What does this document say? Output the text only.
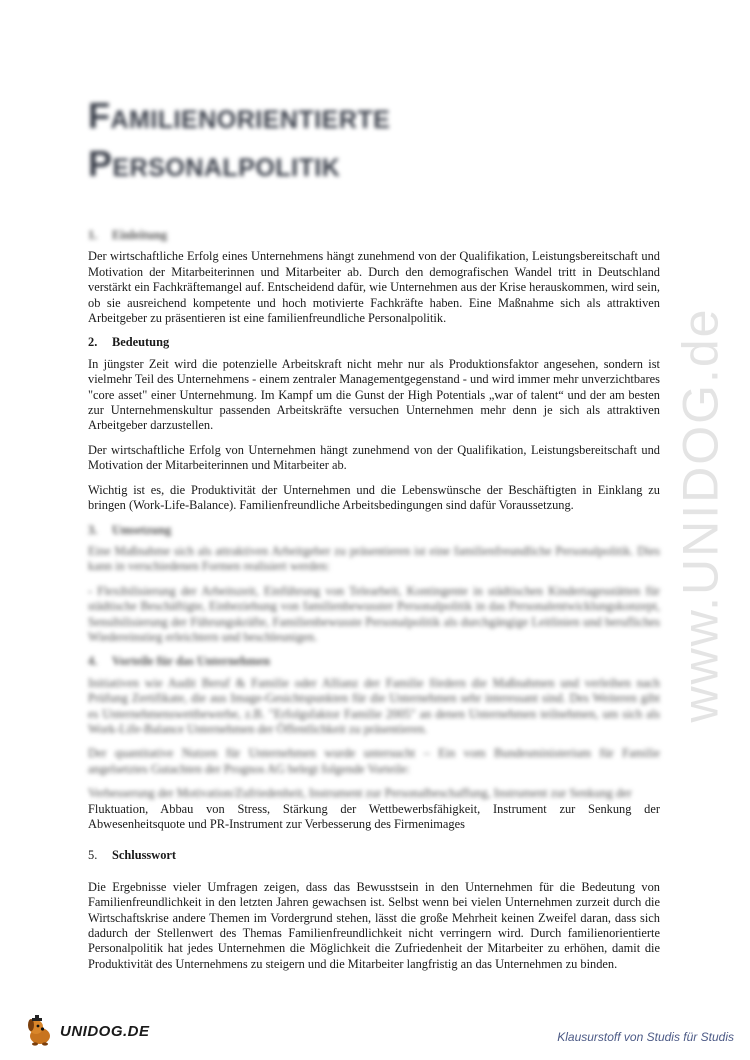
www.UNIDOG.de
Familienorientierte
Personalpolitik
1. Einleitung

Der wirtschaftliche Erfolg eines Unternehmens hängt zunehmend von der Qualifikation, Leistungsbereitschaft und Motivation der Mitarbeiterinnen und Mitarbeiter ab. Durch den demografischen Wandel tritt in Deutschland verstärkt ein Fachkräftemangel auf. Entscheidend dafür, wie Unternehmen aus der Krise herauskommen, wird sein, ob sie ausreichend kompetente und hoch motivierte Fachkräfte haben. Eine Maßnahme sich als attraktiven Arbeitgeber zu präsentieren ist eine familienfreundliche Personalpolitik.

2. Bedeutung

In jüngster Zeit wird die potenzielle Arbeitskraft nicht mehr nur als Produktionsfaktor angesehen, sondern ist vielmehr Teil des Unternehmens - einem zentraler Managementgegenstand - und wird immer mehr unverzichtbares "core asset" einer Unternehmung. Im Kampf um die Gunst der High Potentials „war of talent“ und der am besten zur Unternehmenskultur passenden Arbeitskräfte versuchen Unternehmen mehr denn je sich als attraktiven Arbeitgeber darzustellen.

Der wirtschaftliche Erfolg von Unternehmen hängt zunehmend von der Qualifikation, Leistungsbereitschaft und Motivation der Mitarbeiterinnen und Mitarbeiter ab.

Wichtig ist es, die Produktivität der Unternehmen und die Lebenswünsche der Beschäftigten in Einklang zu bringen (Work-Life-Balance). Familienfreundliche Arbeitsbedingungen sind dafür Voraussetzung.

3. Umsetzung

Eine Maßnahme sich als attraktiven Arbeitgeber zu präsentieren ist eine familienfreundliche Personalpolitik. Dies kann in verschiedenen Formen realisiert werden:

- Flexibilisierung der Arbeitszeit, Einführung von Telearbeit, Kontingente in städtischen Kindertagesstätten für städtische Beschäftigte, Einbeziehung von familienbewusster Personalpolitik in das Personalentwicklungskonzept, Sensibilisierung der Führungskräfte, Familienbewusste Personalpolitik als durchgängige Leitlinien und berufliches Wiedereinstieg erleichtern und beschleunigen.

4. Vorteile für das Unternehmen

Initiativen wie Audit Beruf & Familie oder Allianz der Familie fördern die Maßnahmen und verleihen nach Prüfung Zertifikate, die aus Image-Gesichtspunkten für die Unternehmen sehr interessant sind. Des Weiteren gibt es Unternehmenswettbewerbe, z.B. "Erfolgsfaktor Familie 2005" an denen Unternehmen teilnehmen, um sich als Work-Life-Balance Unternehmen der Öffentlichkeit zu präsentieren.

Der quantitative Nutzen für Unternehmen wurde untersucht – Ein vom Bundesministerium für Familie angelsetztes Gutachten der Prognos AG belegt folgende Vorteile:

Verbesserung der Motivation/Zufriedenheit, Instrument zur Personalbeschaffung, Instrument zur Senkung der
Fluktuation, Abbau von Stress, Stärkung der Wettbewerbsfähigkeit, Instrument zur Senkung der Abwesenheitsquote und PR-Instrument zur Verbesserung des Firmenimages
5. Schlusswort

Die Ergebnisse vieler Umfragen zeigen, dass das Bewusstsein in den Unternehmen für die Bedeutung von Familienfreundlichkeit in den letzten Jahren gewachsen ist. Selbst wenn bei vielen Unternehmen zurzeit durch die Wirtschaftskrise andere Themen im Vordergrund stehen, lässt die große Mehrheit keinen Zweifel daran, dass sich dadurch der Stellenwert des Themas Familienfreundlichkeit nicht verringern wird. Durch familienorientierte Personalpolitik hat jedes Unternehmen die Möglichkeit die Zufriedenheit der Mitarbeiter zu erhöhen, damit die Produktivität des Unternehmens zu steigern und die Mitarbeiter langfristig an das Unternehmen zu binden.

UNIDOG.DE	Klausurstoff von Studis für Studis
